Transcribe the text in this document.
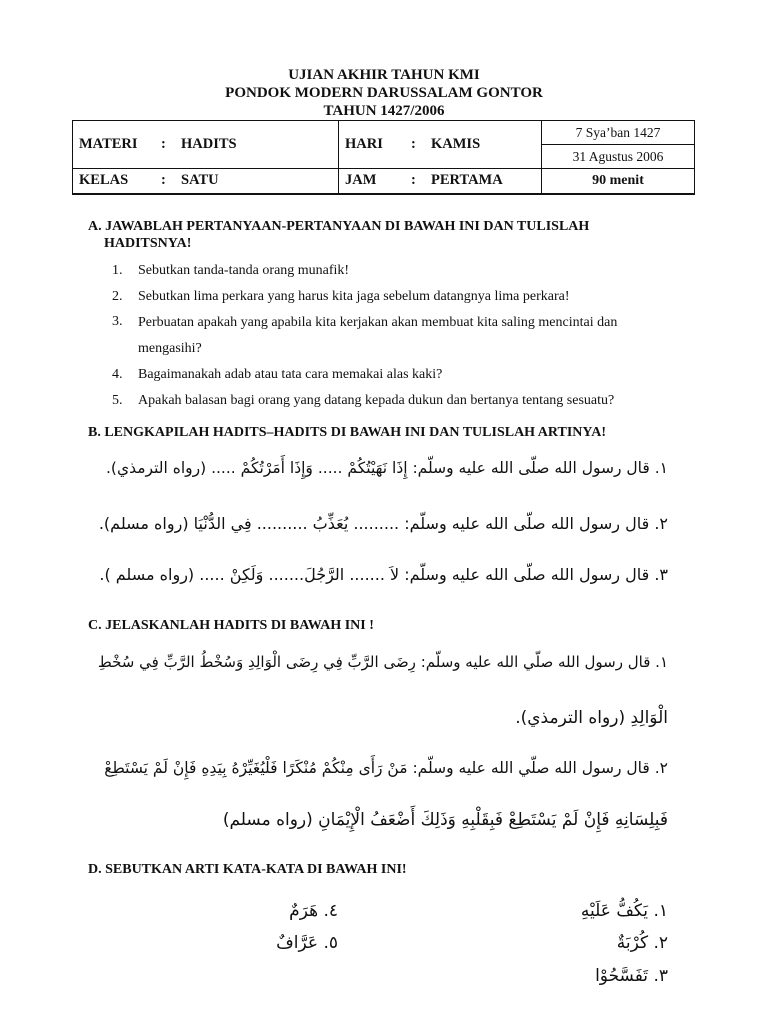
UJIAN AKHIR TAHUN KMI
PONDOK MODERN DARUSSALAM GONTOR
TAHUN 1427/2006
MATERI : HADITS	HARI : KAMIS	7 Sya’ban 1427
		31 Agustus 2006

KELAS : SATU	JAM : PERTAMA	90 menit
A. JAWABLAH PERTANYAAN-PERTANYAAN DI BAWAH INI DAN TULISLAH
HADITSNYA!
1.	Sebutkan tanda-tanda orang munafik!
2.	Sebutkan lima perkara yang harus kita jaga sebelum datangnya lima perkara!
3.	Perbuatan apakah yang apabila kita kerjakan akan membuat kita saling mencintai dan mengasihi?
4.	Bagaimanakah adab atau tata cara memakai alas kaki?
5.	Apakah balasan bagi orang yang datang kepada dukun dan bertanya tentang sesuatu?
B. LENGKAPILAH HADITS–HADITS DI BAWAH INI DAN TULISLAH ARTINYA!
١. قال رسول الله صلّى الله عليه وسلّم: إِذَا نَهَيْتُكُمْ ..... وَإِذَا أَمَرْتُكُمْ ..... (رواه الترمذي).
٢. قال رسول الله صلّى الله عليه وسلّم: ......... يُعَذِّبُ .......... فِي الدُّنْيَا (رواه مسلم).
٣. قال رسول الله صلّى الله عليه وسلّم: لاَ ....... الرَّجُلَ....... وَلَكِنْ ..... (رواه مسلم ).
C. JELASKANLAH HADITS DI BAWAH INI !
١. قال رسول الله صلّي الله عليه وسلّم: رِضَى الرَّبِّ فِي رِضَى الْوَالِدِ وَسُخْطُ الرَّبِّ فِي سُخْطِ
الْوَالِدِ (رواه الترمذي).
٢. قال رسول الله صلّي الله عليه وسلّم: مَنْ رَأَى مِنْكُمْ مُنْكَرًا فَلْيُغَيِّرْهُ بِيَدِهِ فَإِنْ لَمْ يَسْتَطِعْ
فَبِلِسَانِهِ فَإِنْ لَمْ يَسْتَطِعْ فَبِقَلْبِهِ وَذَلِكَ أَضْعَفُ الْإِيْمَانِ (رواه مسلم)
D. SEBUTKAN ARTI KATA-KATA DI BAWAH INI!
١. يَكُفُّ عَلَيْهِ
٢. كُرْبَةٌ
٣. تَفَسَّحُوْا
٤. هَرَمٌ
٥. عَرَّافٌ
